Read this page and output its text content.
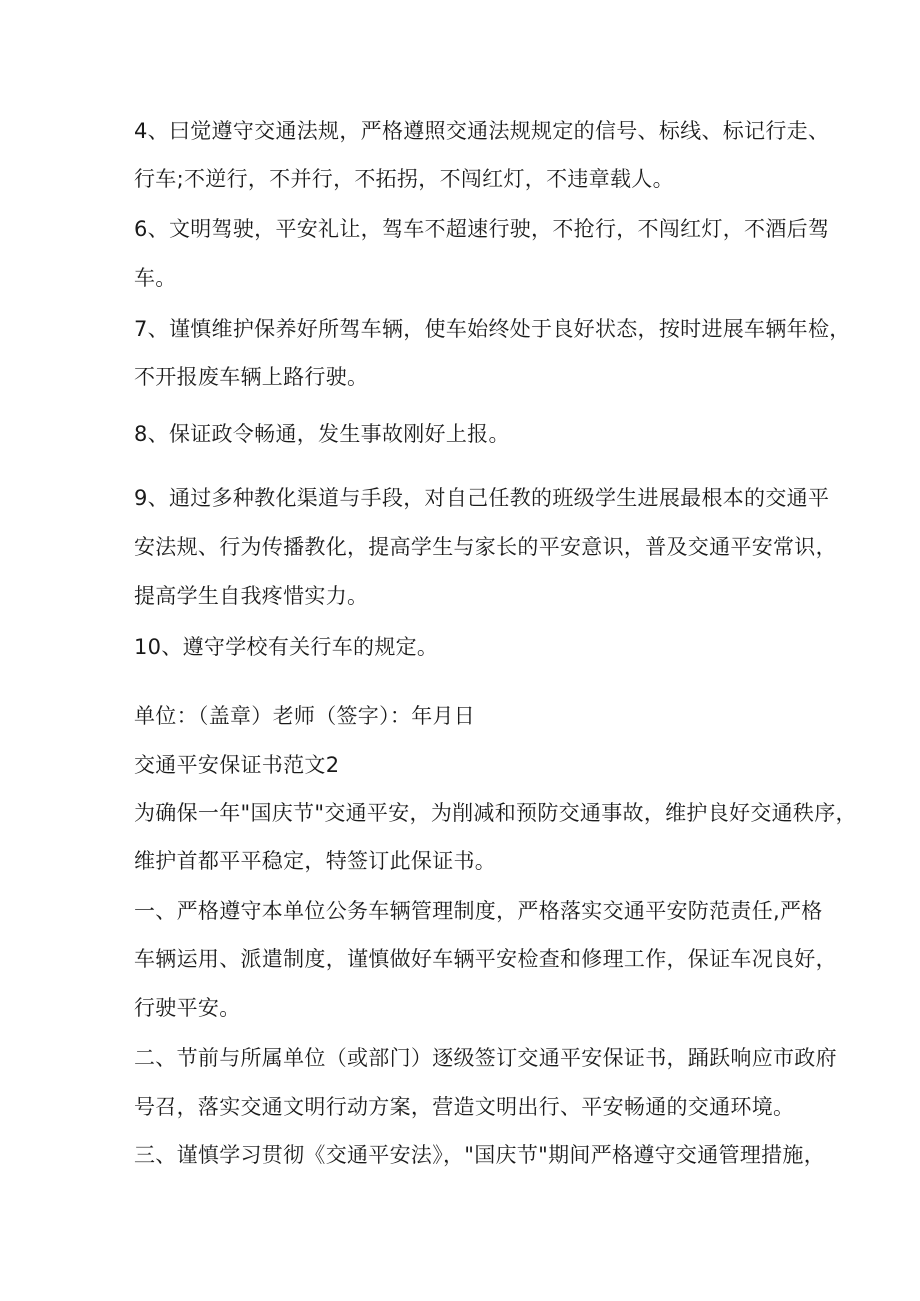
4、曰觉遵守交通法规，严格遵照交通法规规定的信号、标线、标记行走、
行车;不逆行，不并行，不拓拐，不闯红灯，不违章载人。
6、文明驾驶，平安礼让，驾车不超速行驶，不抢行，不闯红灯，不酒后驾
车。
7、谨慎维护保养好所驾车辆，使车始终处于良好状态，按时进展车辆年检，
不开报废车辆上路行驶。
8、保证政令畅通，发生事故刚好上报。
9、通过多种教化渠道与手段，对自己任教的班级学生进展最根本的交通平
安法规、行为传播教化，提高学生与家长的平安意识，普及交通平安常识，
提高学生自我疼惜实力。
10、遵守学校有关行车的规定。
单位：（盖章）老师（签字）：年月日
交通平安保证书范文2
为确保一年"国庆节"交通平安，为削减和预防交通事故，维护良好交通秩序，
维护首都平平稳定，特签订此保证书。
一、严格遵守本单位公务车辆管理制度，严格落实交通平安防范责任,严格
车辆运用、派遣制度，谨慎做好车辆平安检查和修理工作，保证车况良好，
行驶平安。
二、节前与所属单位（或部门）逐级签订交通平安保证书，踊跃响应市政府
号召，落实交通文明行动方案，营造文明出行、平安畅通的交通环境。
三、谨慎学习贯彻《交通平安法》，"国庆节"期间严格遵守交通管理措施，
